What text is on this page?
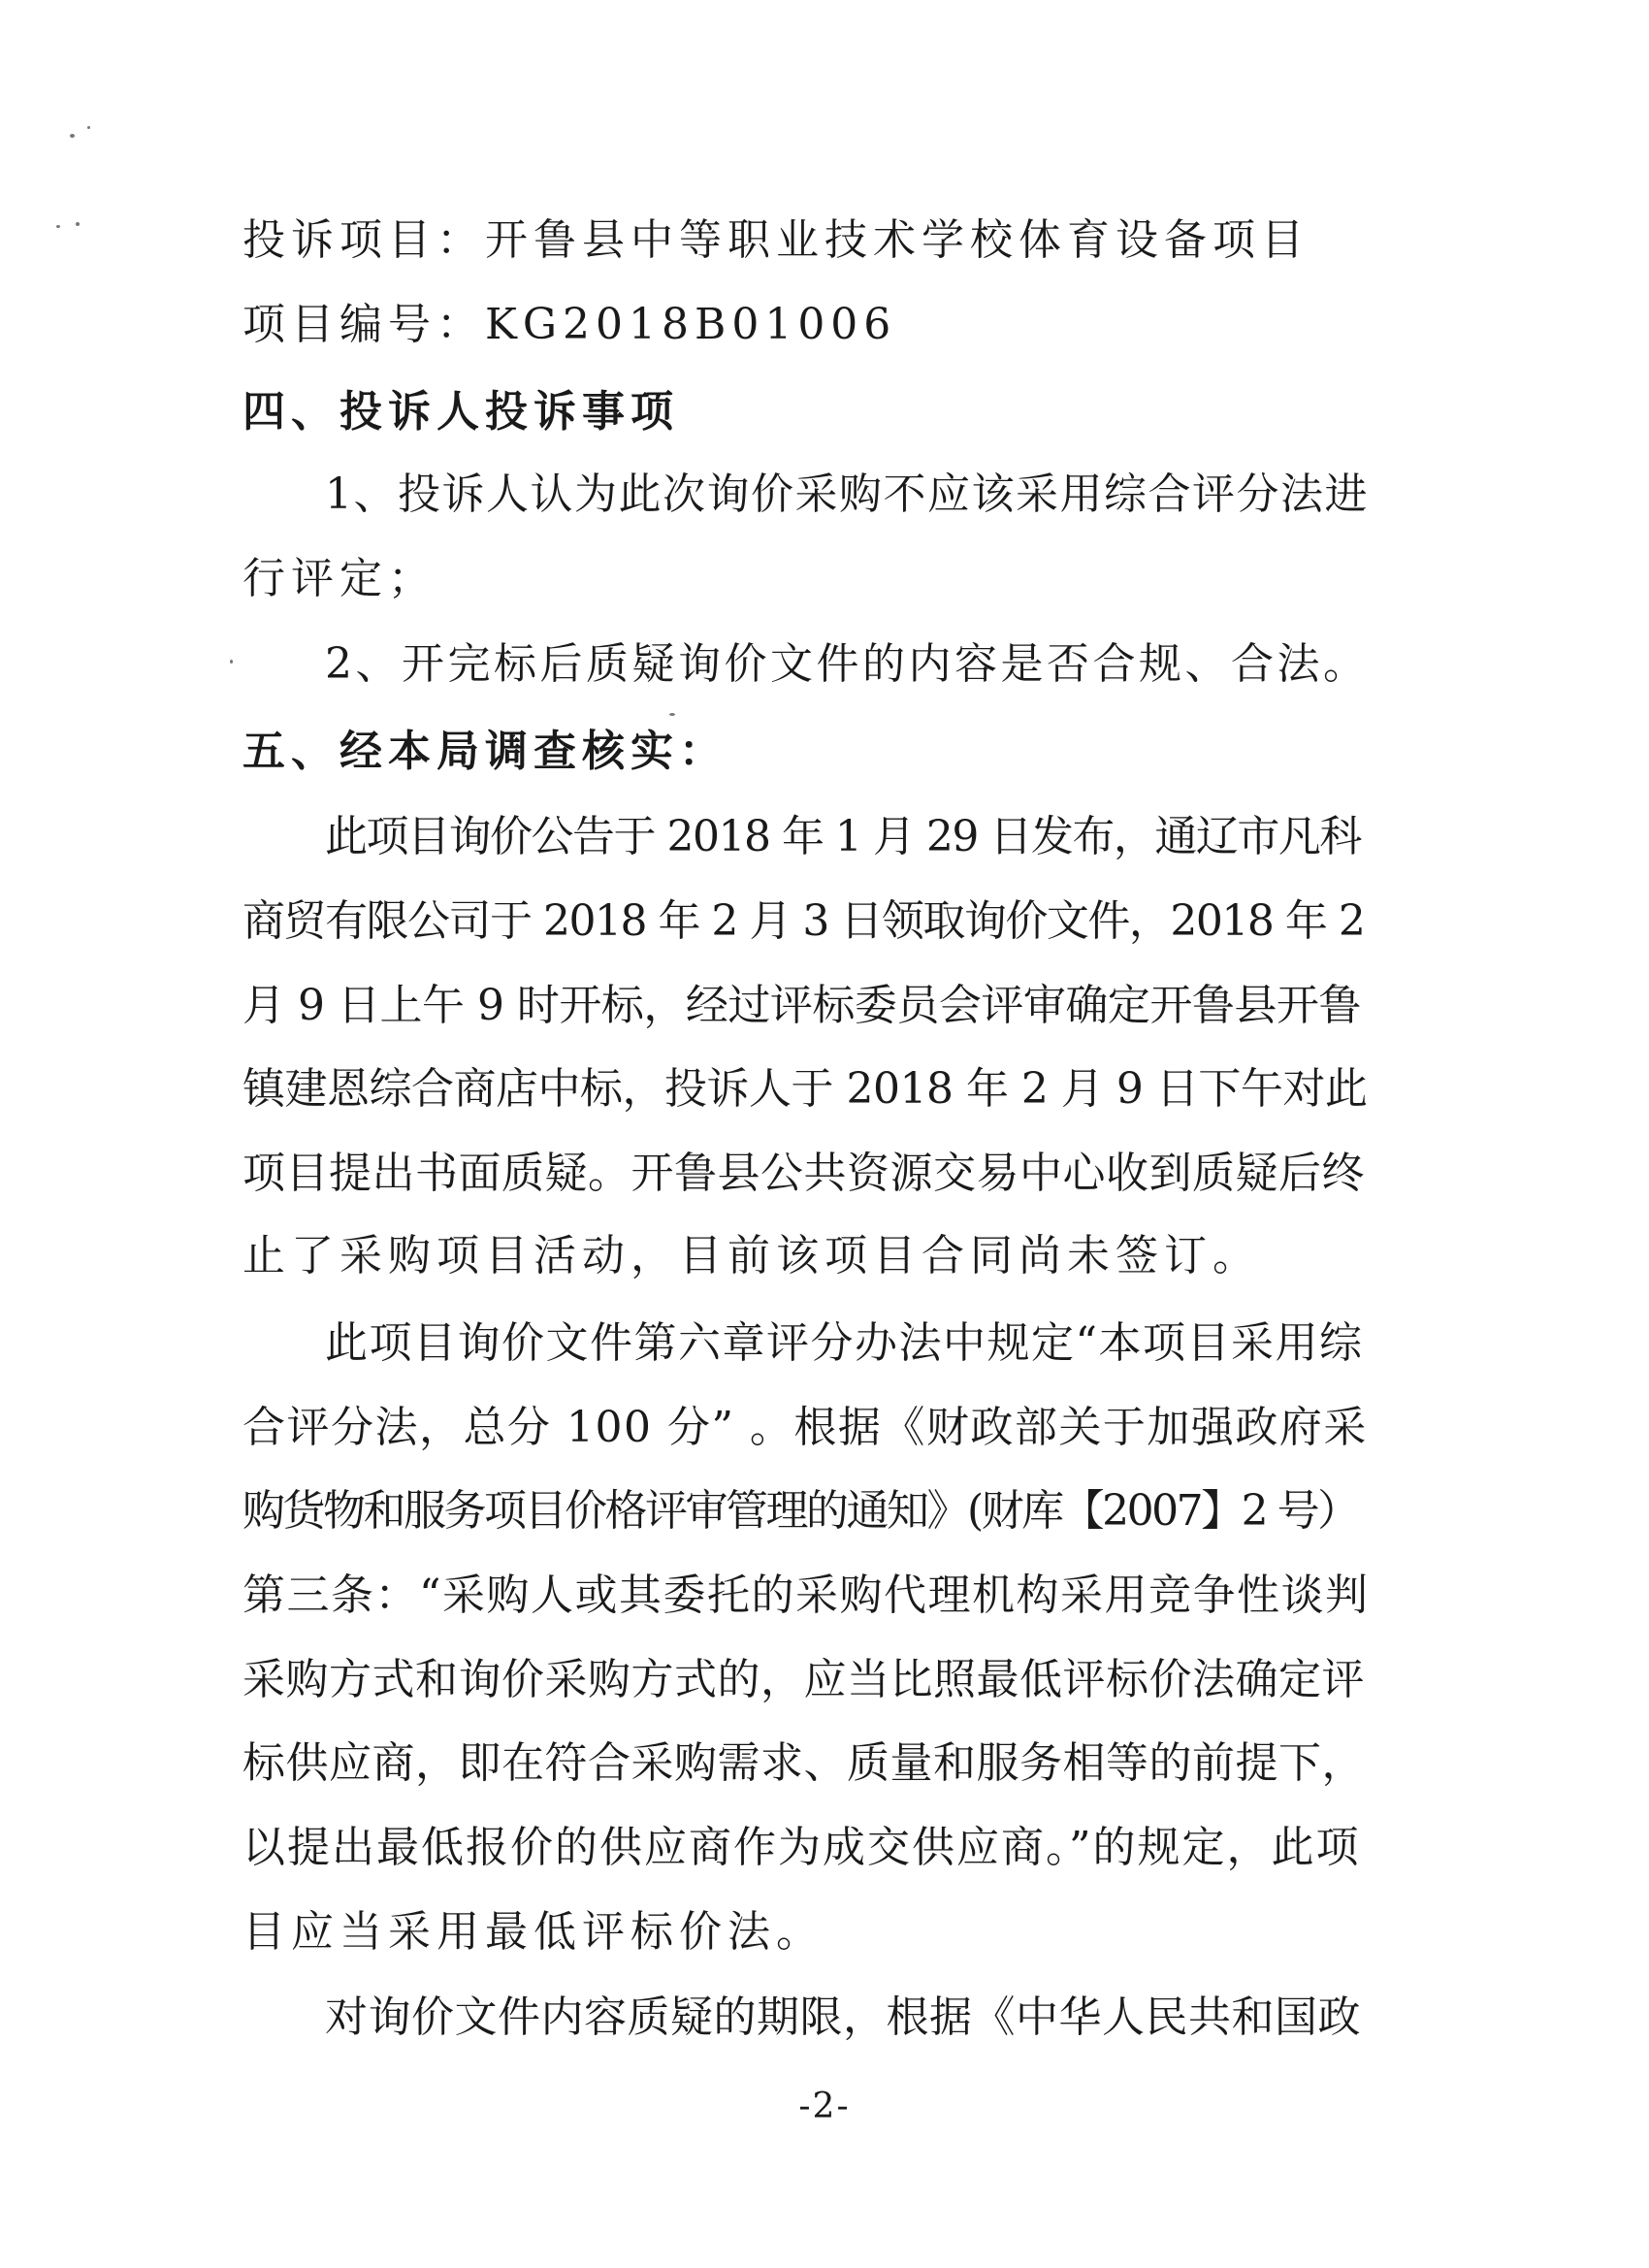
投诉项目：开鲁县中等职业技术学校体育设备项目
项目编号：KG2018B01006
四、投诉人投诉事项
1、投诉人认为此次询价采购不应该采用综合评分法进
行评定；
2、开完标后质疑询价文件的内容是否合规、合法。
五、经本局调查核实：
此项目询价公告于 2018 年 1 月 29 日发布，通辽市凡科
商贸有限公司于 2018 年 2 月 3 日领取询价文件，2018 年 2
月 9 日上午 9 时开标，经过评标委员会评审确定开鲁县开鲁
镇建恩综合商店中标，投诉人于 2018 年 2 月 9 日下午对此
项目提出书面质疑。开鲁县公共资源交易中心收到质疑后终
止了采购项目活动，目前该项目合同尚未签订。
此项目询价文件第六章评分办法中规定“本项目采用综
合评分法，总分 100 分” 。根据《财政部关于加强政府采
购货物和服务项目价格评审管理的通知》(财库【2007】2 号）
第三条：“采购人或其委托的采购代理机构采用竞争性谈判
采购方式和询价采购方式的，应当比照最低评标价法确定评
标供应商，即在符合采购需求、质量和服务相等的前提下，
以提出最低报价的供应商作为成交供应商。”的规定，此项
目应当采用最低评标价法。
对询价文件内容质疑的期限，根据《中华人民共和国政
-2-
